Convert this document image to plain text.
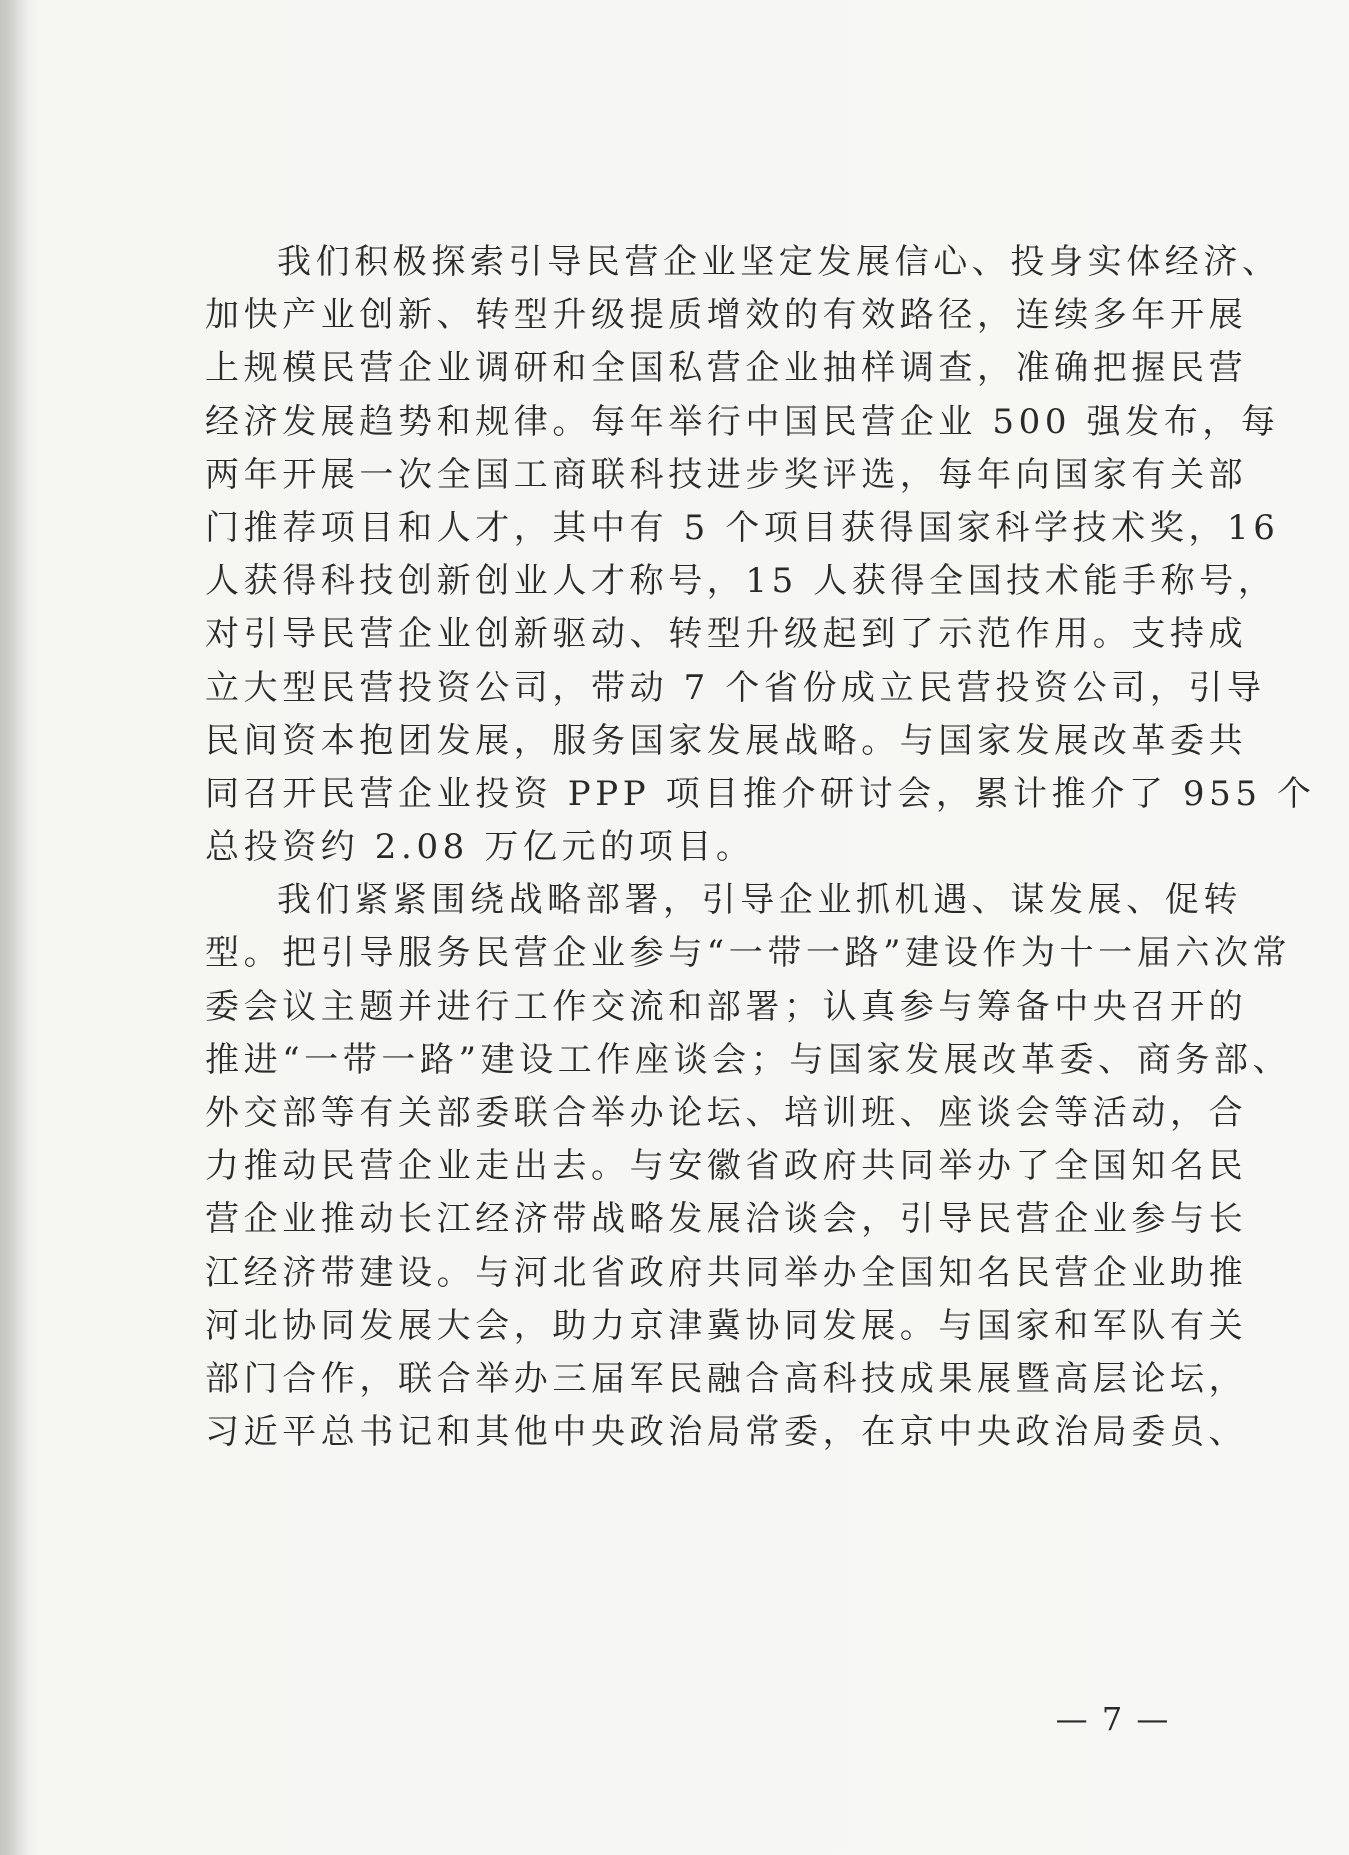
我们积极探索引导民营企业坚定发展信心、投身实体经济、
加快产业创新、转型升级提质增效的有效路径，连续多年开展
上规模民营企业调研和全国私营企业抽样调查，准确把握民营
经济发展趋势和规律。每年举行中国民营企业 500 强发布，每
两年开展一次全国工商联科技进步奖评选，每年向国家有关部
门推荐项目和人才，其中有 5 个项目获得国家科学技术奖，16
人获得科技创新创业人才称号，15 人获得全国技术能手称号，
对引导民营企业创新驱动、转型升级起到了示范作用。支持成
立大型民营投资公司，带动 7 个省份成立民营投资公司，引导
民间资本抱团发展，服务国家发展战略。与国家发展改革委共
同召开民营企业投资 PPP 项目推介研讨会，累计推介了 955 个
总投资约 2.08 万亿元的项目。
我们紧紧围绕战略部署，引导企业抓机遇、谋发展、促转
型。把引导服务民营企业参与“一带一路”建设作为十一届六次常
委会议主题并进行工作交流和部署；认真参与筹备中央召开的
推进“一带一路”建设工作座谈会；与国家发展改革委、商务部、
外交部等有关部委联合举办论坛、培训班、座谈会等活动，合
力推动民营企业走出去。与安徽省政府共同举办了全国知名民
营企业推动长江经济带战略发展洽谈会，引导民营企业参与长
江经济带建设。与河北省政府共同举办全国知名民营企业助推
河北协同发展大会，助力京津冀协同发展。与国家和军队有关
部门合作，联合举办三届军民融合高科技成果展暨高层论坛，
习近平总书记和其他中央政治局常委，在京中央政治局委员、
— 7 —
